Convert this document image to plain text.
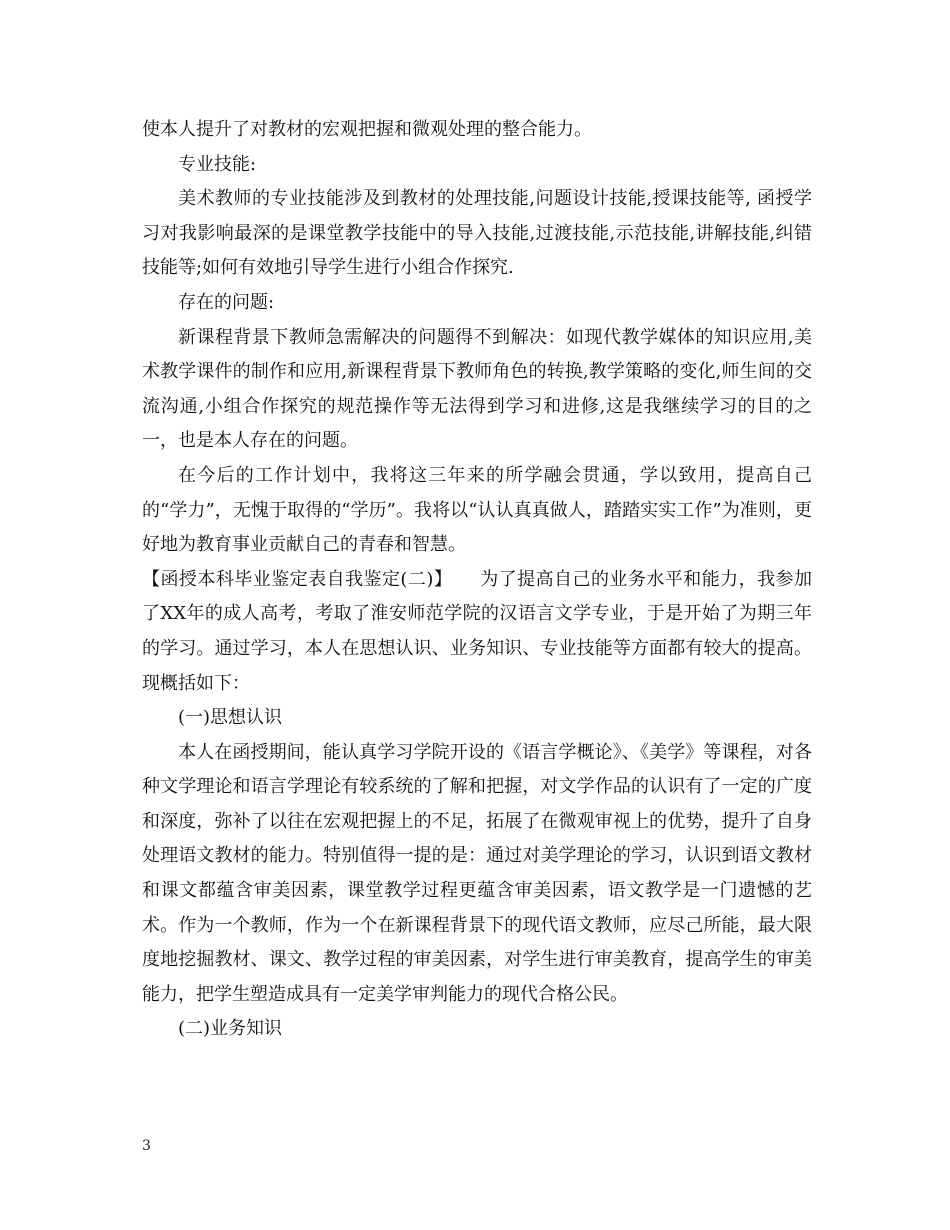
使本人提升了对教材的宏观把握和微观处理的整合能力。

专业技能:

美术教师的专业技能涉及到教材的处理技能,问题设计技能,授课技能等, 函授学习对我影响最深的是课堂教学技能中的导入技能,过渡技能,示范技能,讲解技能,纠错技能等;如何有效地引导学生进行小组合作探究.

存在的问题:

新课程背景下教师急需解决的问题得不到解决：如现代教学媒体的知识应用,美术教学课件的制作和应用,新课程背景下教师角色的转换,教学策略的变化,师生间的交流沟通,小组合作探究的规范操作等无法得到学习和进修,这是我继续学习的目的之一，也是本人存在的问题。

在今后的工作计划中，我将这三年来的所学融会贯通，学以致用，提高自己的“学力”，无愧于取得的“学历”。我将以“认认真真做人，踏踏实实工作”为准则，更好地为教育事业贡献自己的青春和智慧。

【函授本科毕业鉴定表自我鉴定(二)】　　为了提高自己的业务水平和能力，我参加了XX年的成人高考，考取了淮安师范学院的汉语言文学专业，于是开始了为期三年的学习。通过学习，本人在思想认识、业务知识、专业技能等方面都有较大的提高。现概括如下：

(一)思想认识

本人在函授期间，能认真学习学院开设的《语言学概论》、《美学》等课程，对各种文学理论和语言学理论有较系统的了解和把握，对文学作品的认识有了一定的广度和深度，弥补了以往在宏观把握上的不足，拓展了在微观审视上的优势，提升了自身处理语文教材的能力。特别值得一提的是：通过对美学理论的学习，认识到语文教材和课文都蕴含审美因素，课堂教学过程更蕴含审美因素，语文教学是一门遗憾的艺术。作为一个教师，作为一个在新课程背景下的现代语文教师，应尽己所能，最大限度地挖掘教材、课文、教学过程的审美因素，对学生进行审美教育，提高学生的审美能力，把学生塑造成具有一定美学审判能力的现代合格公民。

(二)业务知识

3
